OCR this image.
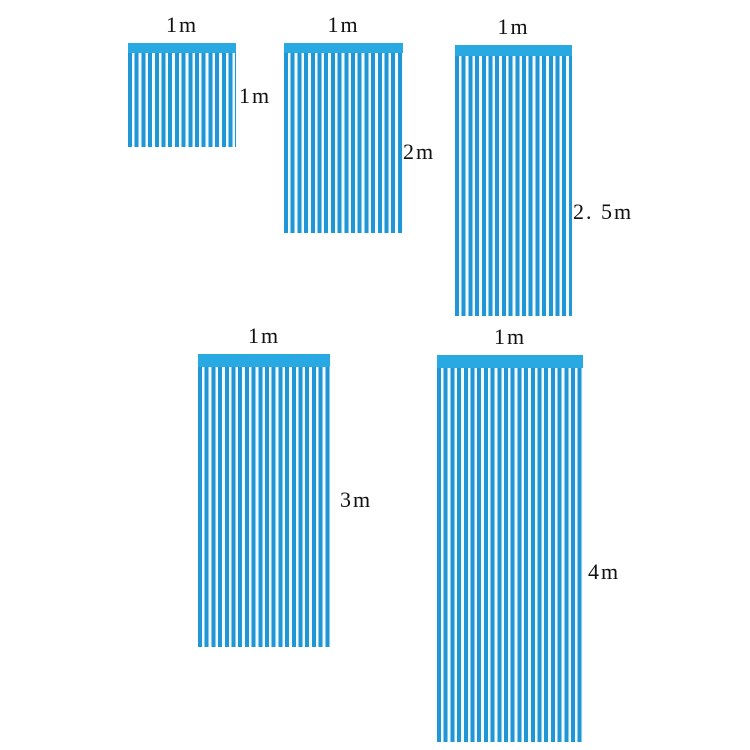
1m
1m
1m
2m
1m
2. 5m
1m
3m
1m
4m
